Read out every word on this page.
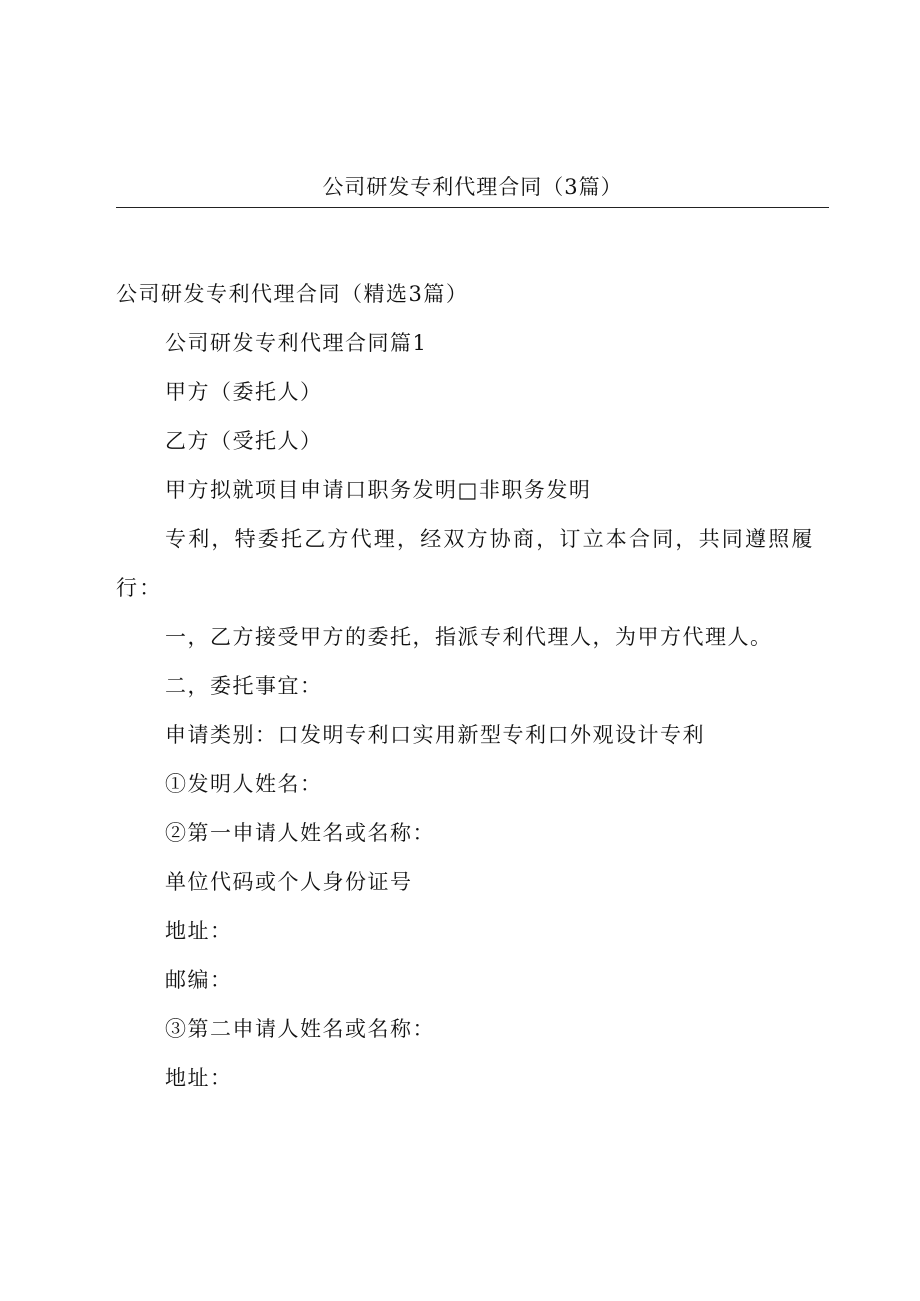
公司研发专利代理合同（3篇）

公司研发专利代理合同（精选3篇）

公司研发专利代理合同篇1

甲方（委托人）

乙方（受托人）

甲方拟就项目申请口职务发明□非职务发明

专利，特委托乙方代理，经双方协商，订立本合同，共同遵照履行：

一，乙方接受甲方的委托，指派专利代理人，为甲方代理人。

二，委托事宜：

申请类别：口发明专利口实用新型专利口外观设计专利

①发明人姓名：

②第一申请人姓名或名称：

单位代码或个人身份证号

地址：

邮编：

③第二申请人姓名或名称：

地址：
